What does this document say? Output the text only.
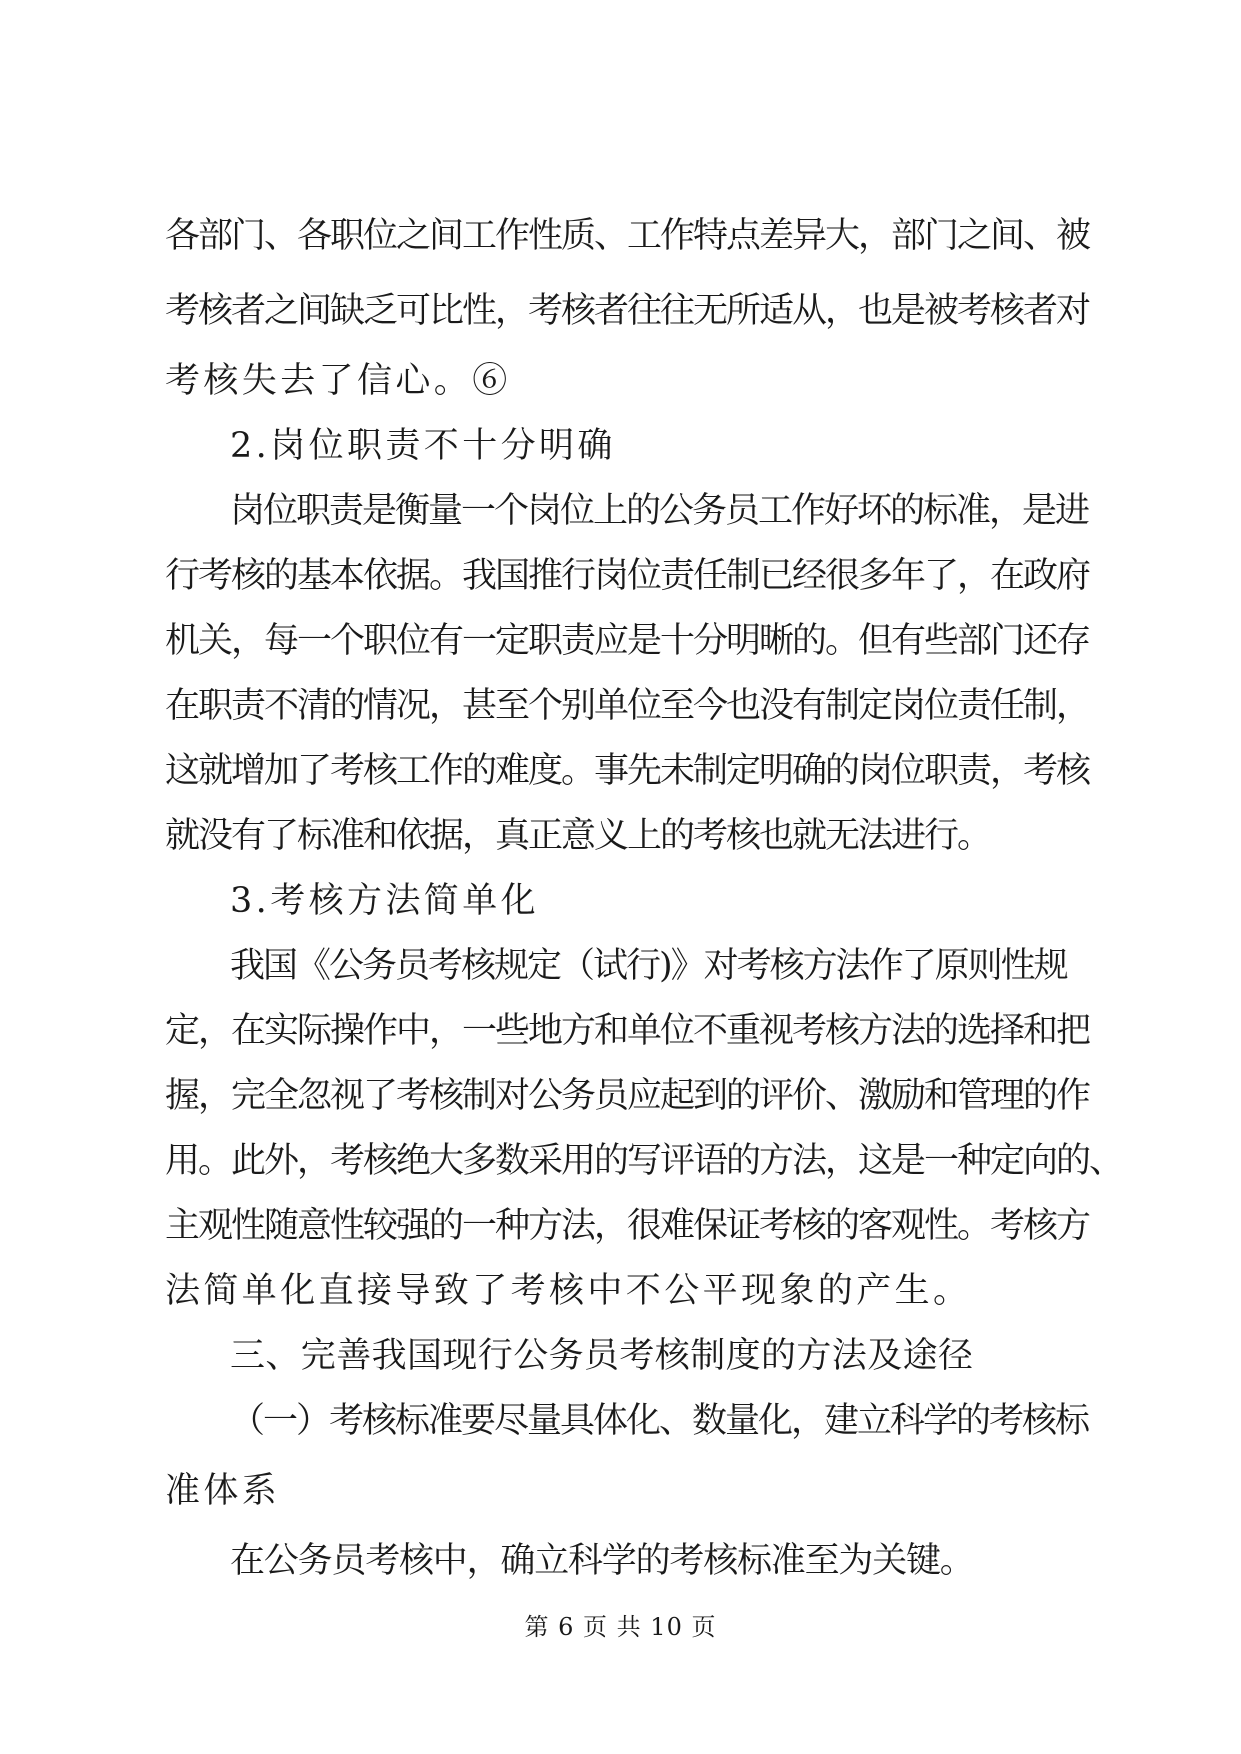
各部门、各职位之间工作性质、工作特点差异大，部门之间、被
考核者之间缺乏可比性，考核者往往无所适从，也是被考核者对
考核失去了信心。⑥
2.岗位职责不十分明确
岗位职责是衡量一个岗位上的公务员工作好坏的标准，是进
行考核的基本依据。我国推行岗位责任制已经很多年了，在政府
机关，每一个职位有一定职责应是十分明晰的。但有些部门还存
在职责不清的情况，甚至个别单位至今也没有制定岗位责任制，
这就增加了考核工作的难度。事先未制定明确的岗位职责，考核
就没有了标准和依据，真正意义上的考核也就无法进行。
3.考核方法简单化
我国《公务员考核规定（试行)》对考核方法作了原则性规
定，在实际操作中，一些地方和单位不重视考核方法的选择和把
握，完全忽视了考核制对公务员应起到的评价、激励和管理的作
用。此外，考核绝大多数采用的写评语的方法，这是一种定向的、
主观性随意性较强的一种方法，很难保证考核的客观性。考核方
法简单化直接导致了考核中不公平现象的产生。
三、完善我国现行公务员考核制度的方法及途径
（一）考核标准要尽量具体化、数量化，建立科学的考核标
准体系
在公务员考核中，确立科学的考核标准至为关键。
第 6 页 共 10 页
